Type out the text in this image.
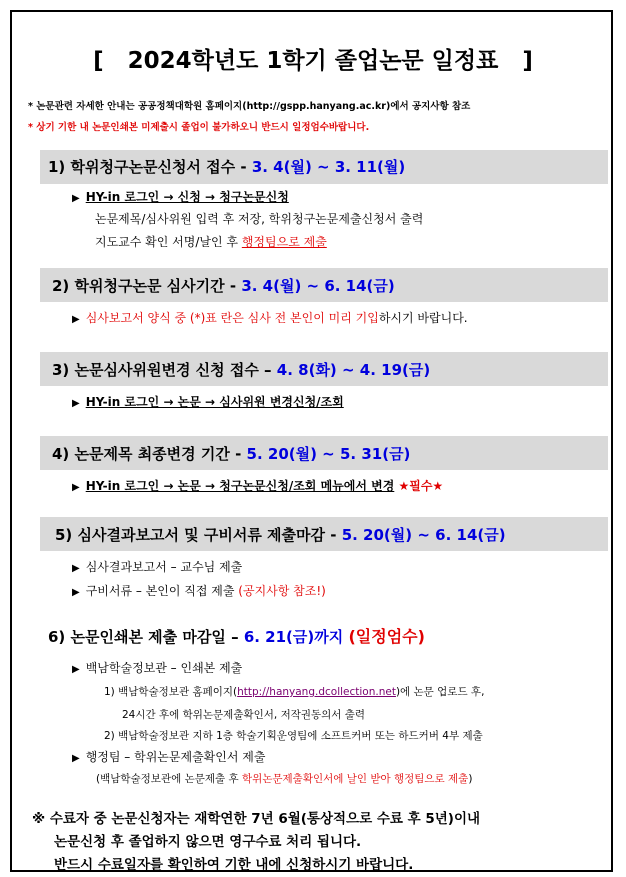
[   2024학년도 1학기 졸업논문 일정표   ]
* 논문관련 자세한 안내는 공공정책대학원 홈페이지(http://gspp.hanyang.ac.kr)에서 공지사항 참조
* 상기 기한 내 논문인쇄본 미제출시 졸업이 불가하오니 반드시 일정엄수바랍니다.
1) 학위청구논문신청서 접수 - 3. 4(월) ~ 3. 11(월)
▶ HY-in 로그인 → 신청 → 청구논문신청
논문제목/심사위원 입력 후 저장, 학위청구논문제출신청서 출력
지도교수 확인 서명/날인 후 행정팀으로 제출
2) 학위청구논문 심사기간 - 3. 4(월) ~ 6. 14(금)
▶ 심사보고서 양식 중 (*)표 란은 심사 전 본인이 미리 기입하시기 바랍니다.
3) 논문심사위원변경 신청 접수 – 4. 8(화) ~ 4. 19(금)
▶ HY-in 로그인 → 논문 → 심사위원 변경신청/조회
4) 논문제목 최종변경 기간 - 5. 20(월) ~ 5. 31(금)
▶ HY-in 로그인 → 논문 → 청구논문신청/조회 메뉴에서 변경 ★필수★
5) 심사결과보고서 및 구비서류 제출마감 - 5. 20(월) ~ 6. 14(금)
▶ 심사결과보고서 – 교수님 제출
▶ 구비서류 – 본인이 직접 제출 (공지사항 참조!)
6) 논문인쇄본 제출 마감일 – 6. 21(금)까지 (일정엄수)
▶ 백남학술정보관 – 인쇄본 제출
1) 백남학술정보관 홈페이지(http://hanyang.dcollection.net)에 논문 업로드 후,
24시간 후에 학위논문제출확인서, 저작권동의서 출력
2) 백남학술정보관 지하 1층 학술기획운영팀에 소프트커버 또는 하드커버 4부 제출
▶ 행정팀 – 학위논문제출확인서 제출
(백남학술정보관에 논문제출 후 학위논문제출확인서에 날인 받아 행정팀으로 제출)
※ 수료자 중 논문신청자는 재학연한 7년 6월(통상적으로 수료 후 5년)이내
논문신청 후 졸업하지 않으면 영구수료 처리 됩니다.
반드시 수료일자를 확인하여 기한 내에 신청하시기 바랍니다.
